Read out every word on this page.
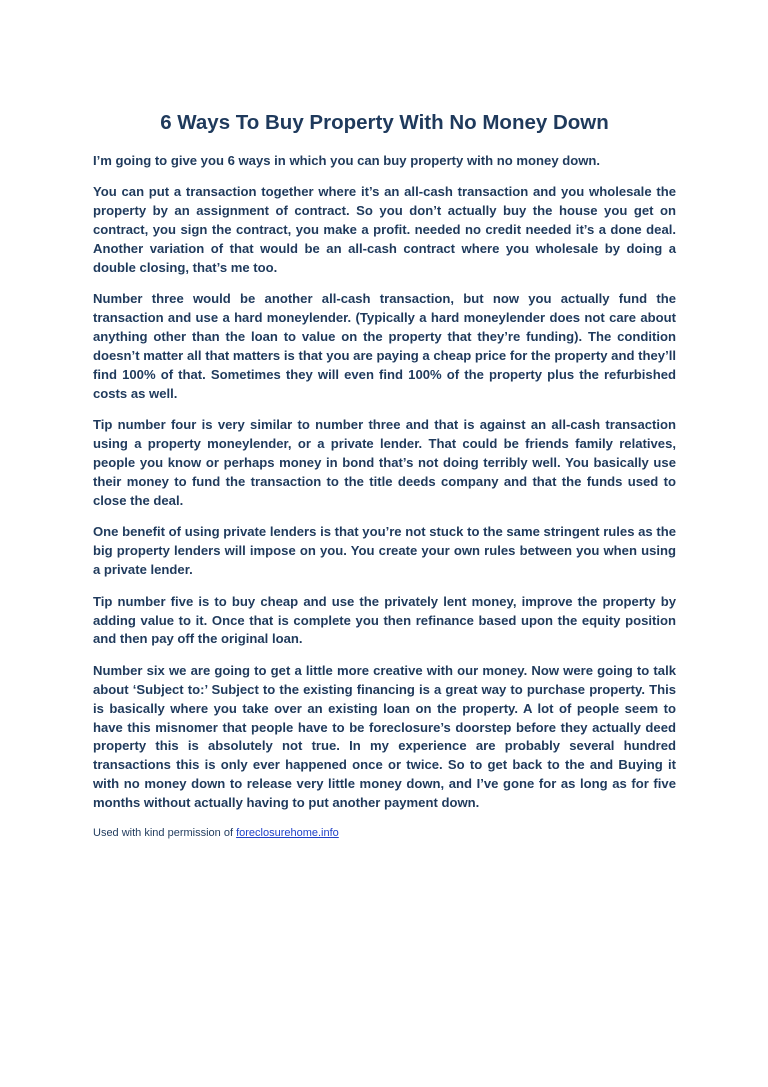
6 Ways To Buy Property With No Money Down

I’m going to give you 6 ways in which you can buy property with no money down.

You can put a transaction together where it’s an all-cash transaction and you wholesale the property by an assignment of contract. So you don’t actually buy the house you get on contract, you sign the contract, you make a profit. needed no credit needed it’s a done deal. Another variation of that would be an all-cash contract where you wholesale by doing a double closing, that’s me too.

Number three would be another all-cash transaction, but now you actually fund the transaction and use a hard moneylender. (Typically a hard moneylender does not care about anything other than the loan to value on the property that they’re funding). The condition doesn’t matter all that matters is that you are paying a cheap price for the property and they’ll find 100% of that. Sometimes they will even find 100% of the property plus the refurbished costs as well.

Tip number four is very similar to number three and that is against an all-cash transaction using a property moneylender, or a private lender. That could be friends family relatives, people you know or perhaps money in bond that’s not doing terribly well. You basically use their money to fund the transaction to the title deeds company and that the funds used to close the deal.

One benefit of using private lenders is that you’re not stuck to the same stringent rules as the big property lenders will impose on you. You create your own rules between you when using a private lender.

Tip number five is to buy cheap and use the privately lent money, improve the property by adding value to it. Once that is complete you then refinance based upon the equity position and then pay off the original loan.

Number six we are going to get a little more creative with our money. Now were going to talk about ‘Subject to:’ Subject to the existing financing is a great way to purchase property. This is basically where you take over an existing loan on the property. A lot of people seem to have this misnomer that people have to be foreclosure’s doorstep before they actually deed property this is absolutely not true. In my experience are probably several hundred transactions this is only ever happened once or twice. So to get back to the and Buying it with no money down to release very little money down, and I’ve gone for as long as for five months without actually having to put another payment down.

Used with kind permission of foreclosurehome.info
